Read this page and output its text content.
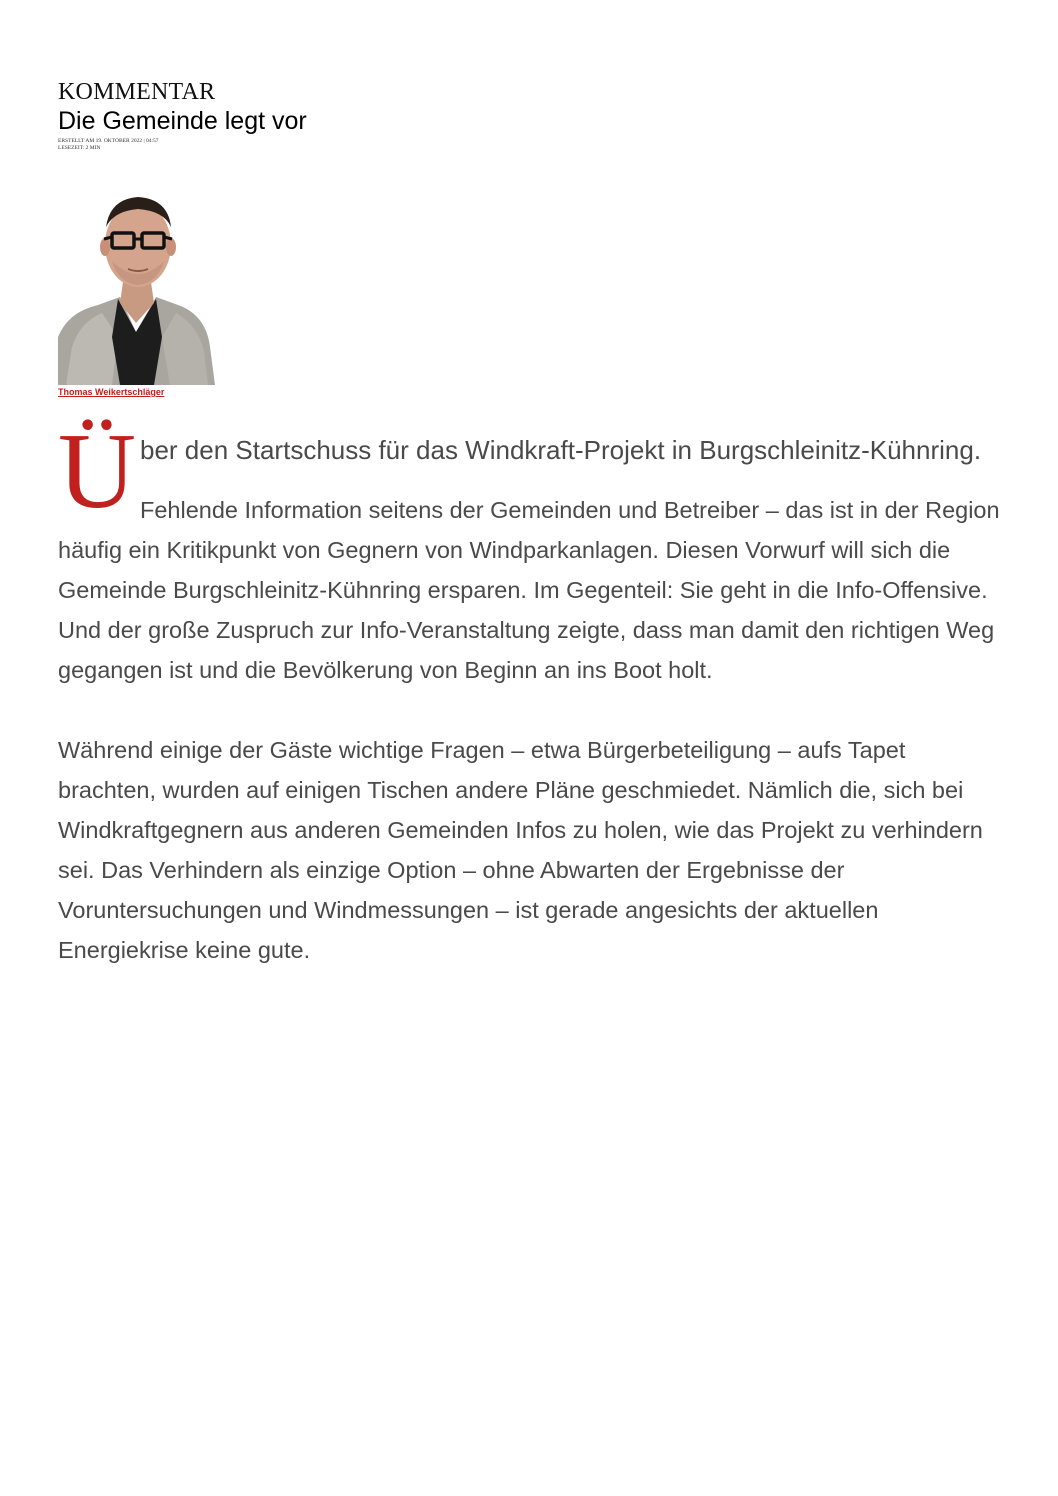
KOMMENTAR
Die Gemeinde legt vor
ERSTELLT AM 19. OKTOBER 2022 | 04:57
LESEZEIT: 2 MIN
Thomas Weikertschläger
Ü ber den Startschuss für das Windkraft-Projekt in Burgschleinitz-Kühnring.

Fehlende Information seitens der Gemeinden und Betreiber – das ist in der Region häufig ein Kritikpunkt von Gegnern von Windparkanlagen. Diesen Vorwurf will sich die Gemeinde Burgschleinitz-Kühnring ersparen. Im Gegenteil: Sie geht in die Info-Offensive. Und der große Zuspruch zur Info-Veranstaltung zeigte, dass man damit den richtigen Weg gegangen ist und die Bevölkerung von Beginn an ins Boot holt.

Während einige der Gäste wichtige Fragen – etwa Bürgerbeteiligung – aufs Tapet brachten, wurden auf einigen Tischen andere Pläne geschmiedet. Nämlich die, sich bei Windkraftgegnern aus anderen Gemeinden Infos zu holen, wie das Projekt zu verhindern sei. Das Verhindern als einzige Option – ohne Abwarten der Ergebnisse der Voruntersuchungen und Windmessungen – ist gerade angesichts der aktuellen Energiekrise keine gute.
